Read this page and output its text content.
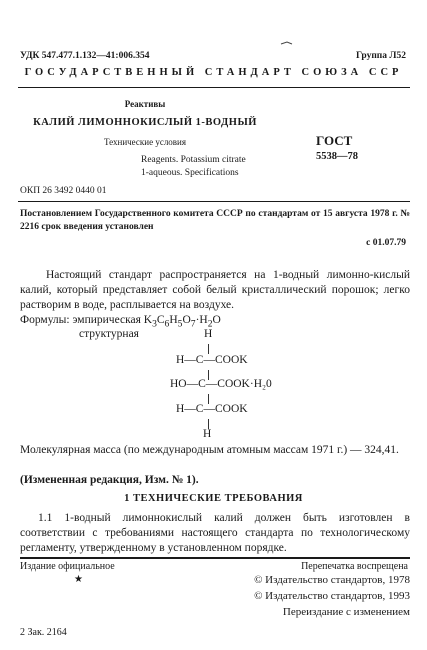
УДК 547.477.1.132—41:006.354	Группа Л52
ГОСУДАРСТВЕННЫЙ СТАНДАРТ СОЮЗА ССР
Реактивы
КАЛИЙ ЛИМОННОКИСЛЫЙ 1-ВОДНЫЙ
Технические условия
Reagents. Potassium citrate
1-aqueous. Specifications
ГОСТ
5538—78
ОКП 26 3492 0440 01
Постановлением Государственного комитета СССР по стандартам от 15 августа 1978 г. № 2216 срок введения установлен
с 01.07.79
Настоящий стандарт распространяется на 1-водный лимонно-кислый калий, который представляет собой белый кристаллический порошок; легко растворим в воде, расплывается на воздухе.
Формулы: эмпирическая $K_3C_6H_5O_7\cdot H_2O$
структурная	H
H—C—COOK
HO—C—COOK·H₂0
H—C—COOK
H
Молекулярная масса (по международным атомным массам 1971 г.) — 324,41.
(Измененная редакция, Изм. № 1).
1 ТЕХНИЧЕСКИЕ ТРЕБОВАНИЯ
1.1 1-водный лимоннокислый калий должен быть изготовлен в соответствии с требованиями настоящего стандарта по технологическому регламенту, утвержденному в установленном порядке.
Издание официальное	Перепечатка воспрещена
★	© Издательство стандартов, 1978
© Издательство стандартов, 1993
Переиздание с изменением
2 Зак. 2164
